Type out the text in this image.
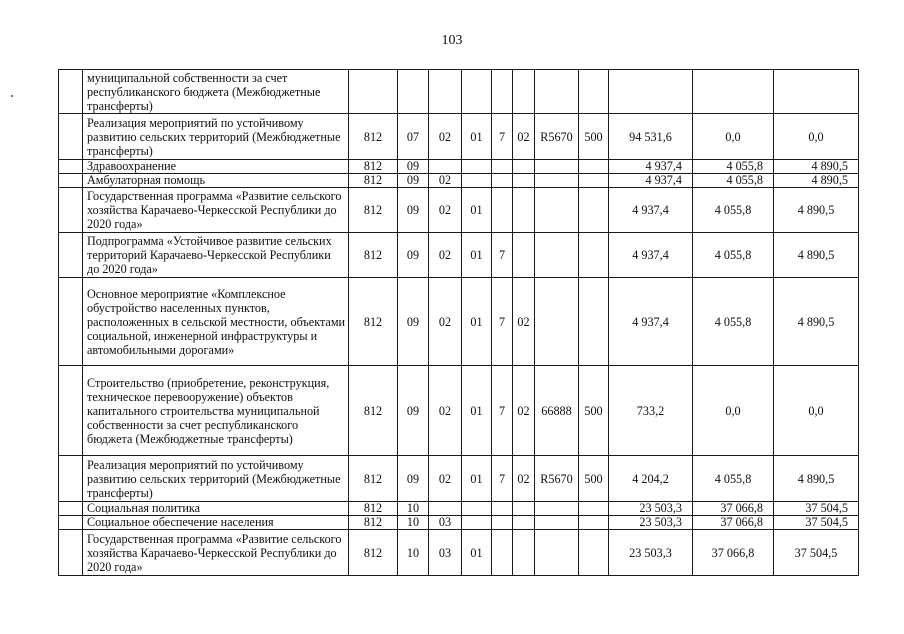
103
	муниципальной собственности за счет республиканского бюджета (Межбюджетные трансферты)											
	Реализация мероприятий по устойчивому развитию сельских территорий (Межбюджетные трансферты)	812	07	02	01	7	02	R5670	500	94 531,6	0,0	0,0
	Здравоохранение	812	09							4 937,4	4 055,8	4 890,5
	Амбулаторная помощь	812	09	02						4 937,4	4 055,8	4 890,5
	Государственная программа «Развитие сельского хозяйства Карачаево-Черкесской Республики до 2020 года»	812	09	02	01					4 937,4	4 055,8	4 890,5
	Подпрограмма «Устойчивое развитие сельских территорий Карачаево-Черкесской Республики до 2020 года»	812	09	02	01	7				4 937,4	4 055,8	4 890,5
	Основное мероприятие «Комплексное обустройство населенных пунктов, расположенных в сельской местности, объектами социальной, инженерной инфраструктуры и автомобильными дорогами»	812	09	02	01	7	02			4 937,4	4 055,8	4 890,5
	Строительство (приобретение, реконструкция, техническое перевооружение) объектов капитального строительства муниципальной собственности за счет республиканского бюджета (Межбюджетные трансферты)	812	09	02	01	7	02	66888	500	733,2	0,0	0,0
	Реализация мероприятий по устойчивому развитию сельских территорий (Межбюджетные трансферты)	812	09	02	01	7	02	R5670	500	4 204,2	4 055,8	4 890,5
	Социальная политика	812	10							23 503,3	37 066,8	37 504,5
	Социальное обеспечение населения	812	10	03						23 503,3	37 066,8	37 504,5
	Государственная программа «Развитие сельского хозяйства Карачаево-Черкесской Республики до 2020 года»	812	10	03	01					23 503,3	37 066,8	37 504,5
